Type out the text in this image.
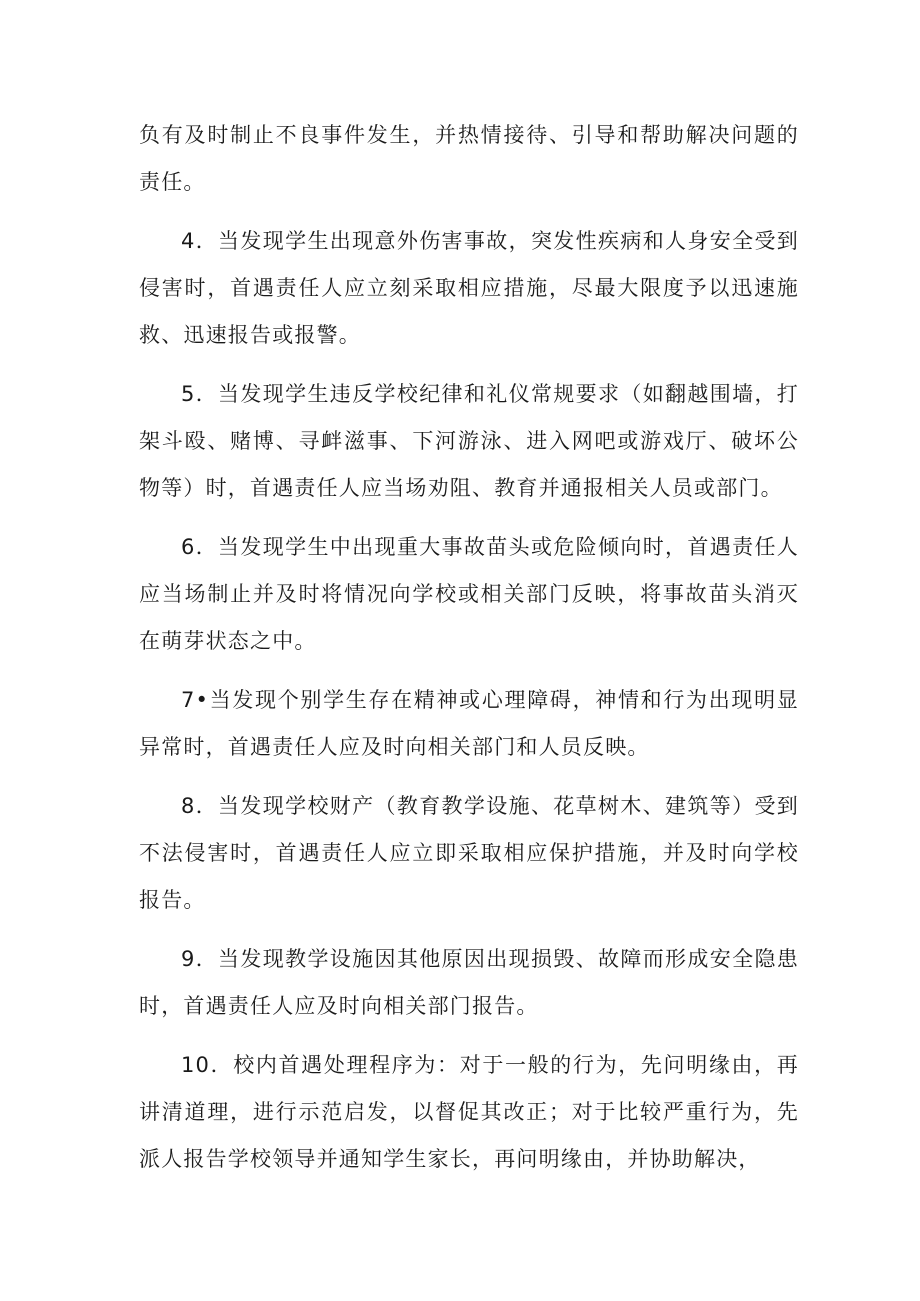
负有及时制止不良事件发生，并热情接待、引导和帮助解决问题的责任。

4．当发现学生出现意外伤害事故，突发性疾病和人身安全受到侵害时，首遇责任人应立刻采取相应措施，尽最大限度予以迅速施救、迅速报告或报警。

5．当发现学生违反学校纪律和礼仪常规要求（如翻越围墙，打架斗殴、赌博、寻衅滋事、下河游泳、进入网吧或游戏厅、破坏公物等）时，首遇责任人应当场劝阻、教育并通报相关人员或部门。

6．当发现学生中出现重大事故苗头或危险倾向时，首遇责任人应当场制止并及时将情况向学校或相关部门反映，将事故苗头消灭在萌芽状态之中。

7•当发现个别学生存在精神或心理障碍，神情和行为出现明显异常时，首遇责任人应及时向相关部门和人员反映。

8．当发现学校财产（教育教学设施、花草树木、建筑等）受到不法侵害时，首遇责任人应立即采取相应保护措施，并及时向学校报告。

9．当发现教学设施因其他原因出现损毁、故障而形成安全隐患时，首遇责任人应及时向相关部门报告。

10．校内首遇处理程序为：对于一般的行为，先问明缘由，再讲清道理，进行示范启发，以督促其改正；对于比较严重行为，先派人报告学校领导并通知学生家长，再问明缘由，并协助解决，
